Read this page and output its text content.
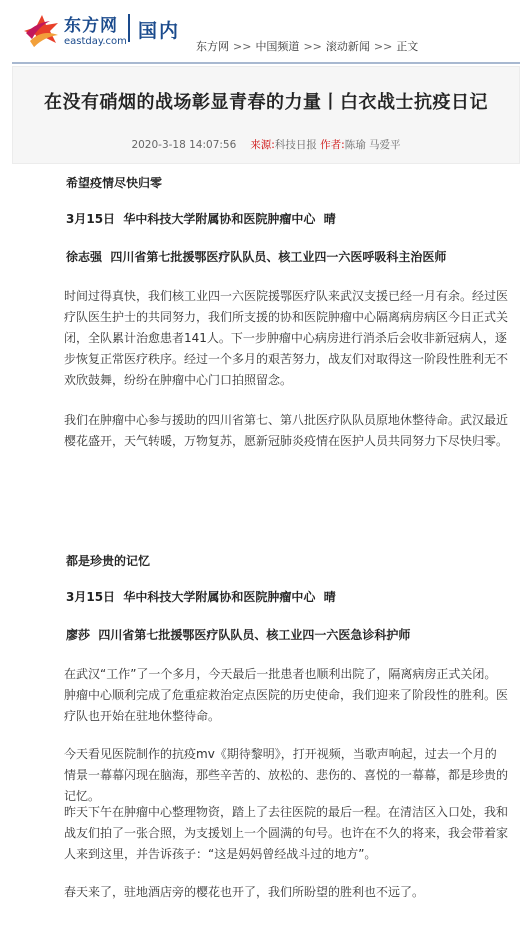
东方网
eastday.com 国内
东方网 >> 中国频道 >> 滚动新闻 >> 正文
在没有硝烟的战场彰显青春的力量丨白衣战士抗疫日记
2020-3-18 14:07:56 来源:科技日报 作者:陈瑜 马爱平
希望疫情尽快归零
3月15日  华中科技大学附属协和医院肿瘤中心  晴
徐志强  四川省第七批援鄂医疗队队员、核工业四一六医呼吸科主治医师

时间过得真快，我们核工业四一六医院援鄂医疗队来武汉支援已经一月有余。经过医疗队医生护士的共同努力，我们所支援的协和医院肿瘤中心隔离病房病区今日正式关闭，全队累计治愈患者141人。下一步肿瘤中心病房进行消杀后会收非新冠病人，逐步恢复正常医疗秩序。经过一个多月的艰苦努力，战友们对取得这一阶段性胜利无不欢欣鼓舞，纷纷在肿瘤中心门口拍照留念。

我们在肿瘤中心参与援助的四川省第七、第八批医疗队队员原地休整待命。武汉最近樱花盛开，天气转暖，万物复苏，愿新冠肺炎疫情在医护人员共同努力下尽快归零。

都是珍贵的记忆
3月15日  华中科技大学附属协和医院肿瘤中心  晴
廖莎  四川省第七批援鄂医疗队队员、核工业四一六医急诊科护师

在武汉“工作”了一个多月，今天最后一批患者也顺利出院了，隔离病房正式关闭。肿瘤中心顺利完成了危重症救治定点医院的历史使命，我们迎来了阶段性的胜利。医疗队也开始在驻地休整待命。

今天看见医院制作的抗疫mv《期待黎明》，打开视频，当歌声响起，过去一个月的情景一幕幕闪现在脑海，那些辛苦的、放松的、悲伤的、喜悦的一幕幕，都是珍贵的记忆。

昨天下午在肿瘤中心整理物资，踏上了去往医院的最后一程。在清洁区入口处，我和战友们拍了一张合照，为支援划上一个圆满的句号。也许在不久的将来，我会带着家人来到这里，并告诉孩子：“这是妈妈曾经战斗过的地方”。

春天来了，驻地酒店旁的樱花也开了，我们所盼望的胜利也不远了。
